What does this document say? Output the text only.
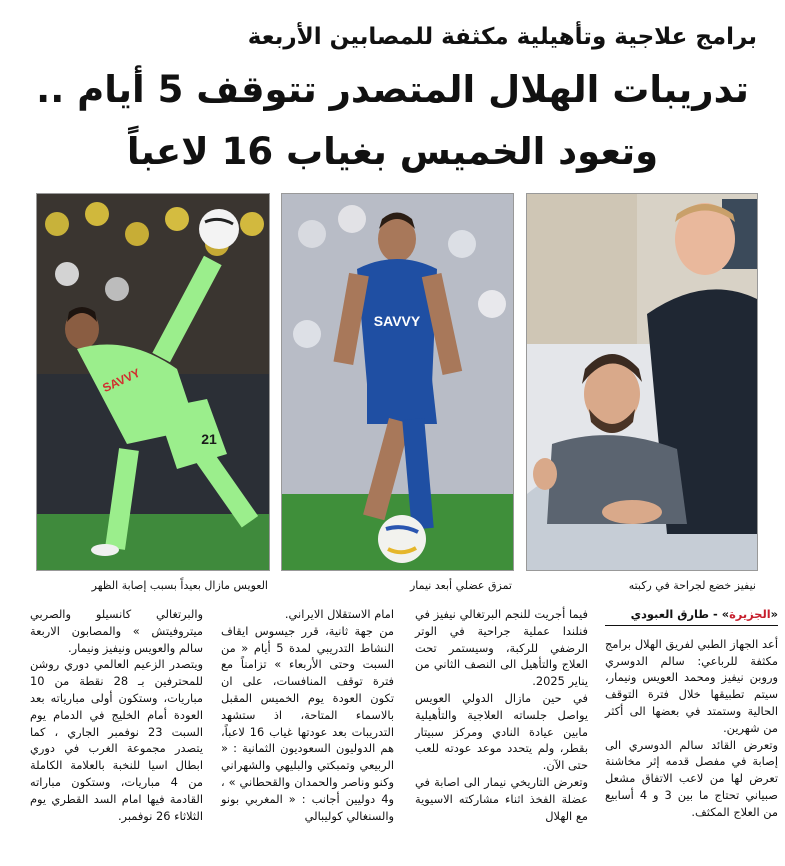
برامج علاجية وتأهيلية مكثفة للمصابين الأربعة
تدريبات الهلال المتصدر تتوقف 5 أيام ..
وتعود الخميس بغياب 16 لاعباً
SAVVY
SAVVY
21
نيفيز خضع لجراحة في ركبته
تمزق عضلي أبعد نيمار
العويس مازال بعيداً بسبب إصابة الظهر
«الجزيرة» - طارق العبودي

أعد الجهاز الطبي لفريق الهلال برامج مكثفة للرباعي: سالم الدوسري وروبن نيفيز ومحمد العويس ونيمار، سيتم تطبيقها خلال فترة التوقف الحالية وستمتد في بعضها الى أكثر من شهرين.

وتعرض القائد سالم الدوسري الى إصابة في مفصل قدمه إثر مخاشنة تعرض لها من لاعب الاتفاق مشعل صبياني تحتاج ما بين 3 و 4 أسابيع من العلاج المكثف.

فيما أجريت للنجم البرتغالي نيفيز في فنلندا عملية جراحية في الوتر الرضفي للركبة، وسيستمر تحت العلاج والتأهيل الى النصف الثاني من يناير 2025.

في حين مازال الدولي العويس يواصل جلساته العلاجية والتأهيلية مابين عيادة النادي ومركز سبيتار بقطر، ولم يتحدد موعد عودته للعب حتى الآن.

وتعرض التاريخي نيمار الى اصابة في عضلة الفخذ اثناء مشاركته الاسيوية مع الهلال

امام الاستقلال الايراني.

من جهة ثانية، قرر جيسوس ايقاف النشاط التدريبي لمدة 5 أيام « من السبت وحتى الأربعاء » تزامناً مع فترة توقف المنافسات، على ان تكون العودة يوم الخميس المقبل بالاسماء المتاحة، اذ ستشهد التدريبات بعد عودتها غياب 16 لاعباً، هم الدوليون السعوديون الثمانية : « الربيعي وتمبكتي والبليهي والشهراني وكنو وناصر والحمدان والقحطاني » ، و4 دوليين أجانب : « المغربي بونو والسنغالي كوليبالي

والبرتغالي كانسيلو والصربي ميتروفيتش » والمصابون الاربعة سالم والعويس ونيفيز ونيمار.

ويتصدر الزعيم العالمي دوري روشن للمحترفين بـ 28 نقطة من 10 مباريات، وستكون أولى مبارياته بعد العودة أمام الخليج في الدمام يوم السبت 23 نوفمبر الجاري ، كما يتصدر مجموعة الغرب في دوري ابطال اسيا للنخبة بالعلامة الكاملة من 4 مباريات، وستكون مباراته القادمة فيها امام السد القطري يوم الثلاثاء 26 نوفمبر.
